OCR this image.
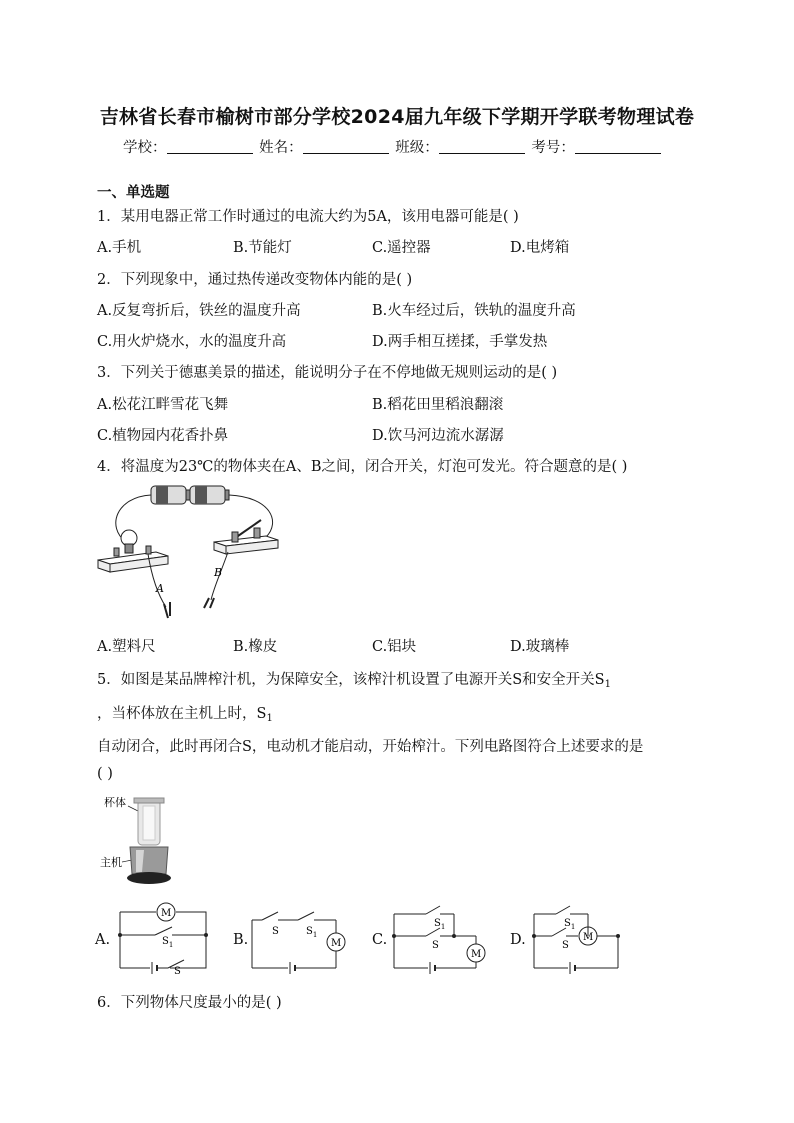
吉林省长春市榆树市部分学校2024届九年级下学期开学联考物理试卷
学校：	姓名：	班级：	考号：
一、单选题
1．某用电器正常工作时通过的电流大约为5A，该用电器可能是( )
A.手机	B.节能灯	C.遥控器	D.电烤箱
2．下列现象中，通过热传递改变物体内能的是( )
A.反复弯折后，铁丝的温度升高	B.火车经过后，铁轨的温度升高
C.用火炉烧水，水的温度升高	D.两手相互搓揉，手掌发热
3．下列关于德惠美景的描述，能说明分子在不停地做无规则运动的是( )
A.松花江畔雪花飞舞	B.稻花田里稻浪翻滚
C.植物园内花香扑鼻	D.饮马河边流水潺潺
4．将温度为23℃的物体夹在A、B之间，闭合开关，灯泡可发光。符合题意的是( )
A
B
A.塑料尺	B.橡皮	C.铝块	D.玻璃棒
5．如图是某品牌榨汁机，为保障安全，该榨汁机设置了电源开关S和安全开关$S_1$
，当杯体放在主机上时，$S_1$
自动闭合，此时再闭合S，电动机才能启动，开始榨汁。下列电路图符合上述要求的是
( )
杯体
主机
A.
M
$S_1$
S
B.
S	$S_1$
M C.
$S_1$
S
M
D.
$S_1$
S
M
6．下列物体尺度最小的是( )
